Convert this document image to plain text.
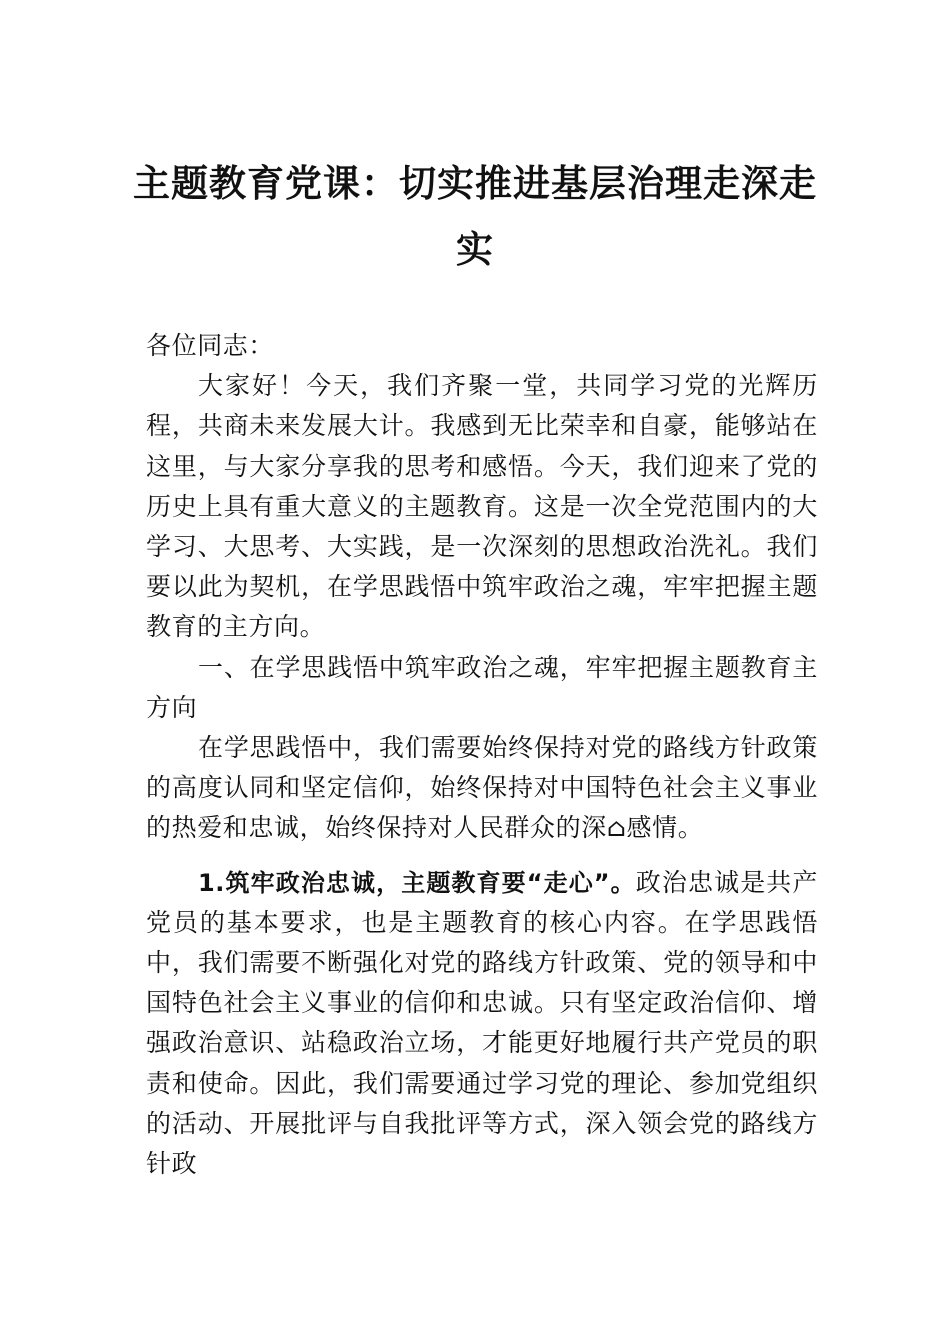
主题教育党课：切实推进基层治理走深走
实

各位同志：

大家好！今天，我们齐聚一堂，共同学习党的光辉历程，共商未来发展大计。我感到无比荣幸和自豪，能够站在这里，与大家分享我的思考和感悟。今天，我们迎来了党的历史上具有重大意义的主题教育。这是一次全党范围内的大学习、大思考、大实践，是一次深刻的思想政治洗礼。我们要以此为契机，在学思践悟中筑牢政治之魂，牢牢把握主题教育的主方向。

一、在学思践悟中筑牢政治之魂，牢牢把握主题教育主方向

在学思践悟中，我们需要始终保持对党的路线方针政策的高度认同和坚定信仰，始终保持对中国特色社会主义事业的热爱和忠诚，始终保持对人民群众的深⌂感情。

1.筑牢政治忠诚，主题教育要“走心”。政治忠诚是共产党员的基本要求，也是主题教育的核心内容。在学思践悟中，我们需要不断强化对党的路线方针政策、党的领导和中国特色社会主义事业的信仰和忠诚。只有坚定政治信仰、增强政治意识、站稳政治立场，才能更好地履行共产党员的职责和使命。因此，我们需要通过学习党的理论、参加党组织的活动、开展批评与自我批评等方式，深入领会党的路线方针政
